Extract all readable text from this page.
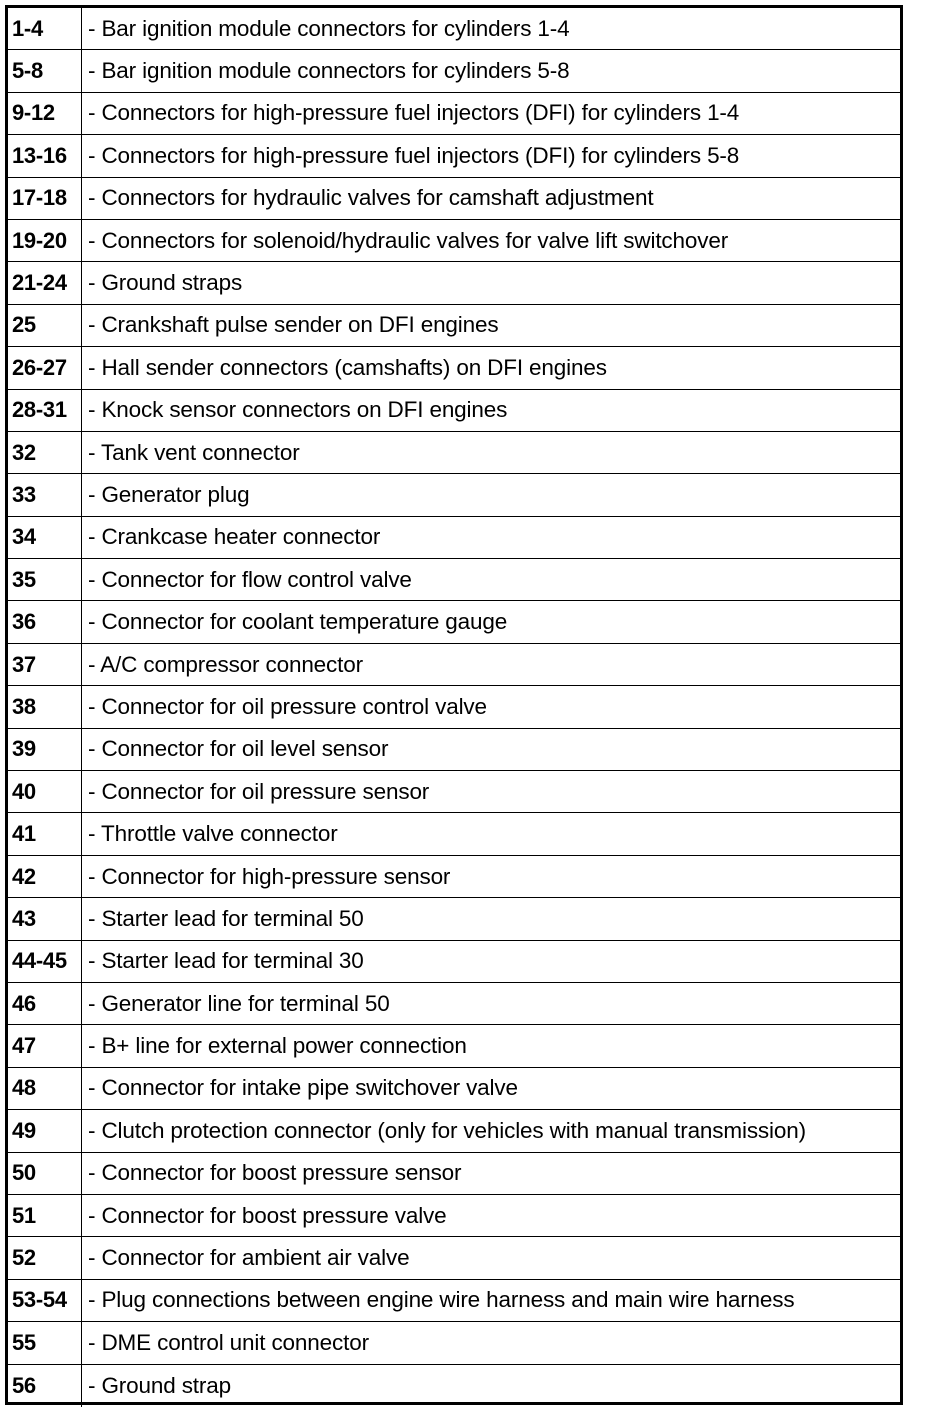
1-4	- Bar ignition module connectors for cylinders 1-4
5-8	- Bar ignition module connectors for cylinders 5-8
9-12	- Connectors for high-pressure fuel injectors (DFI) for cylinders 1-4
13-16 - Connectors for high-pressure fuel injectors (DFI) for cylinders 5-8
17-18 - Connectors for hydraulic valves for camshaft adjustment
19-20 - Connectors for solenoid/hydraulic valves for valve lift switchover
21-24 - Ground straps
25	- Crankshaft pulse sender on DFI engines
26-27 - Hall sender connectors (camshafts) on DFI engines
28-31 - Knock sensor connectors on DFI engines
32	- Tank vent connector
33	- Generator plug
34	- Crankcase heater connector
35	- Connector for flow control valve
36	- Connector for coolant temperature gauge
37	- A/C compressor connector
38	- Connector for oil pressure control valve
39	- Connector for oil level sensor
40	- Connector for oil pressure sensor
41	- Throttle valve connector
42	- Connector for high-pressure sensor
43	- Starter lead for terminal 50
44-45 - Starter lead for terminal 30
46	- Generator line for terminal 50
47	- B+ line for external power connection
48	- Connector for intake pipe switchover valve
49	- Clutch protection connector (only for vehicles with manual transmission)
50	- Connector for boost pressure sensor
51	- Connector for boost pressure valve
52	- Connector for ambient air valve
53-54 - Plug connections between engine wire harness and main wire harness
55	- DME control unit connector
56	- Ground strap
